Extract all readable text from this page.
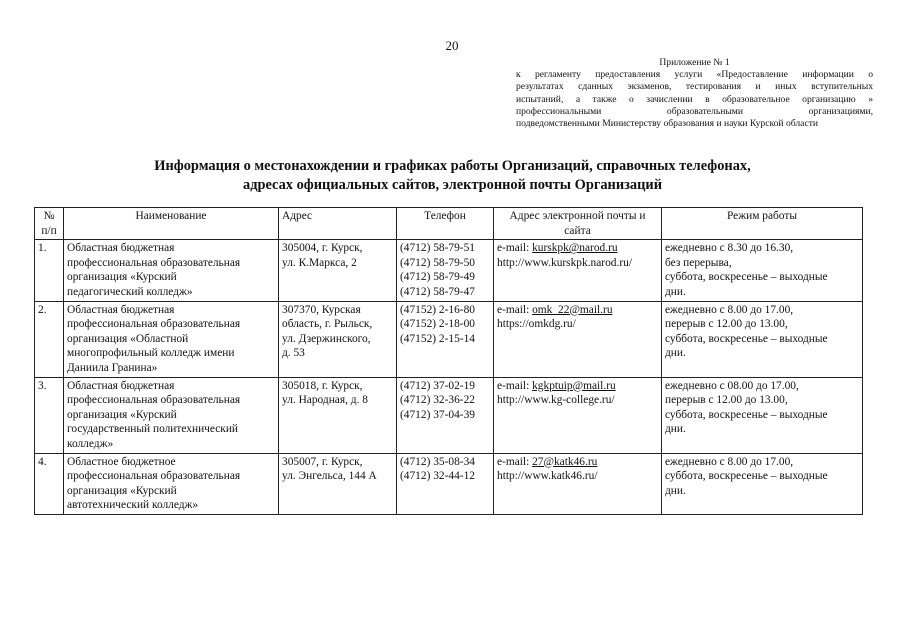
20
Приложение № 1
к регламенту предоставления услуги «Предоставление информации о
результатах сданных экзаменов, тестирования и иных вступительных
испытаний, а также о зачислении в образовательное организацию »
профессиональными образовательными организациями,
подведомственными Министерству образования и науки Курской области
Информация о местонахождении и графиках работы Организаций, справочных телефонах,
адресах официальных сайтов, электронной почты Организаций
№ п/п	Наименование	Адрес	Телефон	Адрес электронной почты и сайта	Режим работы
1.	Областная бюджетная
профессиональная образовательная
организация «Курский
педагогический колледж»	305004, г. Курск,
ул. К.Маркса, 2	(4712) 58-79-51
(4712) 58-79-50
(4712) 58-79-49
(4712) 58-79-47	e-mail: kurskpk@narod.ru
http://www.kurskpk.narod.ru/	ежедневно с 8.30 до 16.30,
без перерыва,
суббота, воскресенье – выходные
дни.

2.	Областная бюджетная
профессиональная образовательная
организация «Областной
многопрофильный колледж имени
Даниила Гранина»	307370, Курская
область, г. Рыльск,
ул. Дзержинского,
д. 53	(47152) 2-16-80
(47152) 2-18-00
(47152) 2-15-14	e-mail: omk_22@mail.ru
https://omkdg.ru/	ежедневно с 8.00 до 17.00,
перерыв с 12.00 до 13.00,
суббота, воскресенье – выходные
дни.

3.	Областная бюджетная
профессиональная образовательная
организация «Курский
государственный политехнический
колледж»	305018, г. Курск,
ул. Народная, д. 8	(4712) 37-02-19
(4712) 32-36-22
(4712) 37-04-39	e-mail: kgkptuip@mail.ru
http://www.kg-college.ru/	ежедневно с 08.00 до 17.00,
перерыв с 12.00 до 13.00,
суббота, воскресенье – выходные
дни.

4.	Областное бюджетное
профессиональная образовательная
организация «Курский
автотехнический колледж»	305007, г. Курск,
ул. Энгельса, 144 А	(4712) 35-08-34
(4712) 32-44-12	e-mail: 27@katk46.ru
http://www.katk46.ru/	ежедневно с 8.00 до 17.00,
суббота, воскресенье – выходные
дни.
